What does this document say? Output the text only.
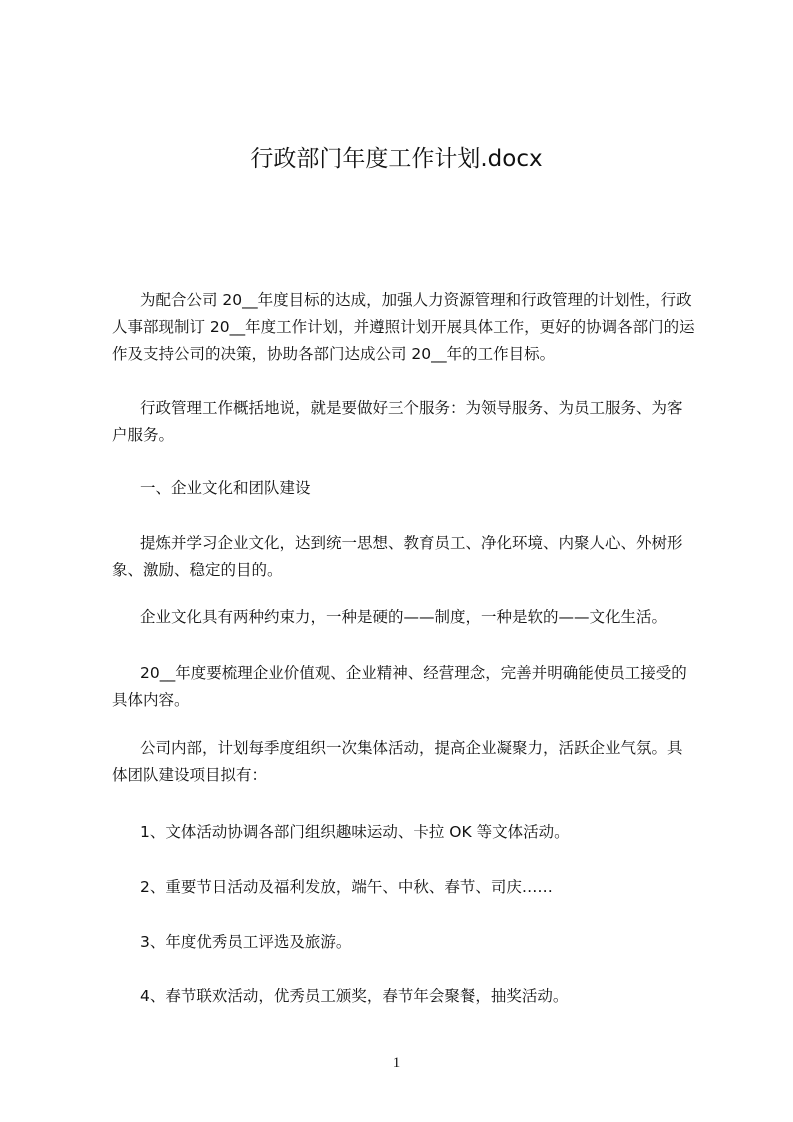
行政部门年度工作计划.docx
为配合公司 20__年度目标的达成，加强人力资源管理和行政管理的计划性，行政
人事部现制订 20__年度工作计划，并遵照计划开展具体工作，更好的协调各部门的运
作及支持公司的决策，协助各部门达成公司 20__年的工作目标。
行政管理工作概括地说，就是要做好三个服务：为领导服务、为员工服务、为客
户服务。
一、企业文化和团队建设
提炼并学习企业文化，达到统一思想、教育员工、净化环境、内聚人心、外树形
象、激励、稳定的目的。
企业文化具有两种约束力，一种是硬的——制度，一种是软的——文化生活。
20__年度要梳理企业价值观、企业精神、经营理念，完善并明确能使员工接受的
具体内容。
公司内部，计划每季度组织一次集体活动，提高企业凝聚力，活跃企业气氛。具
体团队建设项目拟有：
1、文体活动协调各部门组织趣味运动、卡拉 OK 等文体活动。
2、重要节日活动及福利发放，端午、中秋、春节、司庆……
3、年度优秀员工评选及旅游。
4、春节联欢活动，优秀员工颁奖，春节年会聚餐，抽奖活动。
1
